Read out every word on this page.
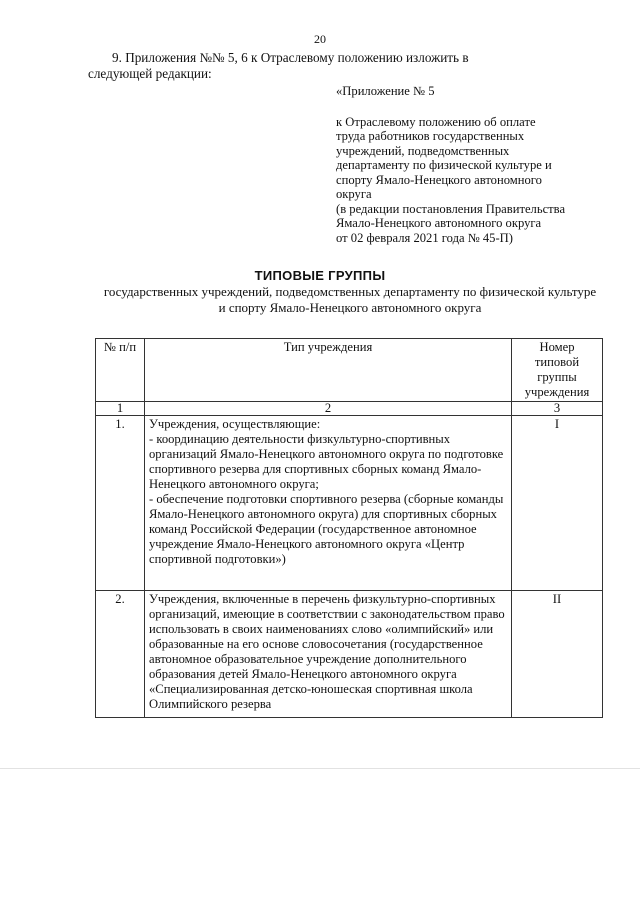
20
9. Приложения №№ 5, 6 к Отраслевому положению изложить в
следующей редакции:
«Приложение № 5
к Отраслевому положению об оплате
труда работников государственных
учреждений, подведомственных
департаменту по физической культуре и
спорту Ямало-Ненецкого автономного
округа
(в редакции постановления Правительства
Ямало-Ненецкого автономного округа
от 02 февраля 2021 года № 45-П)
ТИПОВЫЕ ГРУППЫ
государственных учреждений, подведомственных департаменту по физической культуре и спорту Ямало-Ненецкого автономного округа
№ п/п	Тип учреждения	Номер типовой группы учреждения
1	2	3
1.	Учреждения, осуществляющие:
- координацию деятельности физкультурно-спортивных организаций Ямало-Ненецкого автономного округа по подготовке спортивного резерва для спортивных сборных команд Ямало-Ненецкого автономного округа;
- обеспечение подготовки спортивного резерва (сборные команды Ямало-Ненецкого автономного округа) для спортивных сборных команд Российской Федерации (государственное автономное учреждение Ямало-Ненецкого автономного округа «Центр спортивной подготовки»)	I
2.	Учреждения, включенные в перечень физкультурно-спортивных организаций, имеющие в соответствии с законодательством право использовать в своих наименованиях слово «олимпийский» или образованные на его основе словосочетания (государственное автономное образовательное учреждение дополнительного образования детей Ямало-Ненецкого автономного округа «Специализированная детско-юношеская спортивная школа Олимпийского резерва	II
